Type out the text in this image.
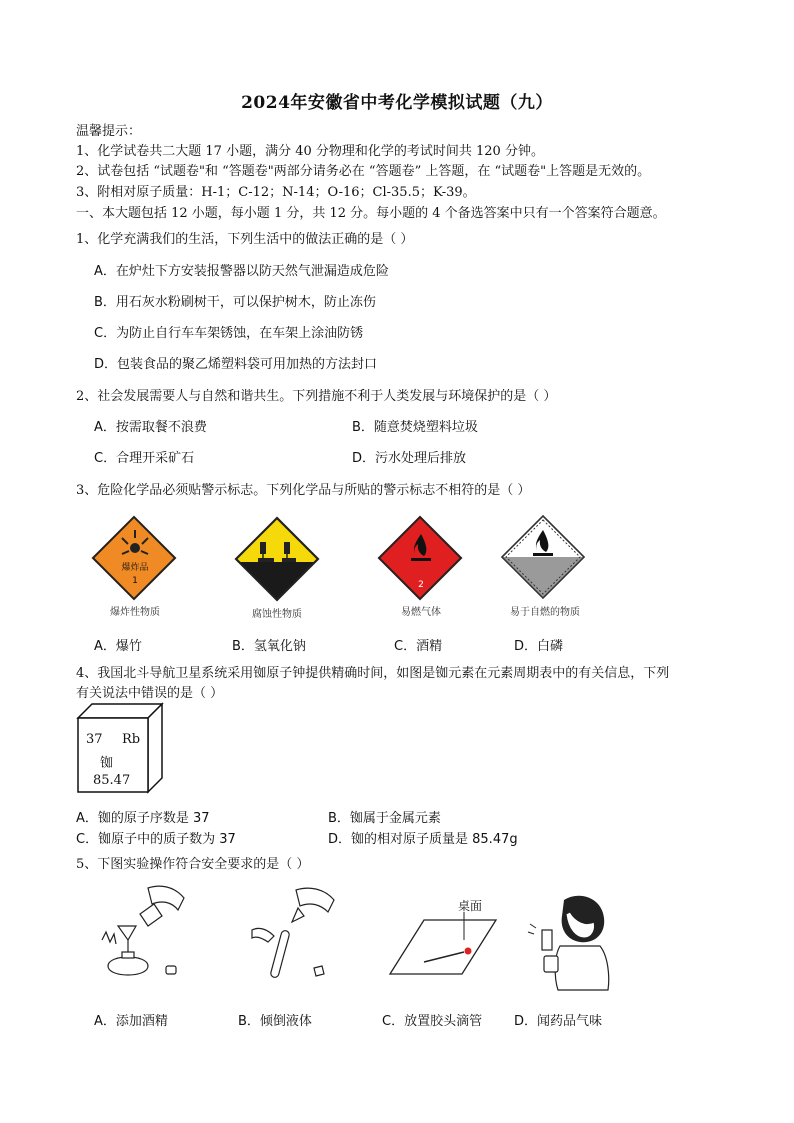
2024年安徽省中考化学模拟试题（九）
温馨提示：
1、化学试卷共二大题 17 小题，满分 40 分物理和化学的考试时间共 120 分钟。
2、试卷包括 “试题卷"和 “答题卷"两部分请务必在 “答题卷” 上答题，在 “试题卷"上答题是无效的。
3、附相对原子质量：H-1；C-12；N-14；O-16；Cl-35.5；K-39。
一、本大题包括 12 小题，每小题 1 分，共 12 分。每小题的 4 个备选答案中只有一个答案符合题意。
1、化学充满我们的生活，下列生活中的做法正确的是（ ）
A．在炉灶下方安装报警器以防天然气泄漏造成危险
B．用石灰水粉刷树干，可以保护树木，防止冻伤
C．为防止自行车车架锈蚀，在车架上涂油防锈
D．包装食品的聚乙烯塑料袋可用加热的方法封口
2、社会发展需要人与自然和谐共生。下列措施不利于人类发展与环境保护的是（ ）
A．按需取餐不浪费	B．随意焚烧塑料垃圾
C．合理开采矿石	D．污水处理后排放
3、危险化学品必须贴警示标志。下列化学品与所贴的警示标志不相符的是（ ）
爆炸品
1
爆炸性物质	腐蚀性物质
2
易燃气体	易于自燃的物质
A．爆竹	B．氢氧化钠	C．酒精	D．白磷
4、我国北斗导航卫星系统采用铷原子钟提供精确时间，如图是铷元素在元素周期表中的有关信息，下列
有关说法中错误的是（ ）
37 Rb
铷
85.47
A．铷的原子序数是 37	B．铷属于金属元素
C．铷原子中的质子数为 37	D．铷的相对原子质量是 85.47g
5、下图实验操作符合安全要求的是（ ）
桌面
A．添加酒精	B．倾倒液体	C．放置胶头滴管 D．闻药品气味
